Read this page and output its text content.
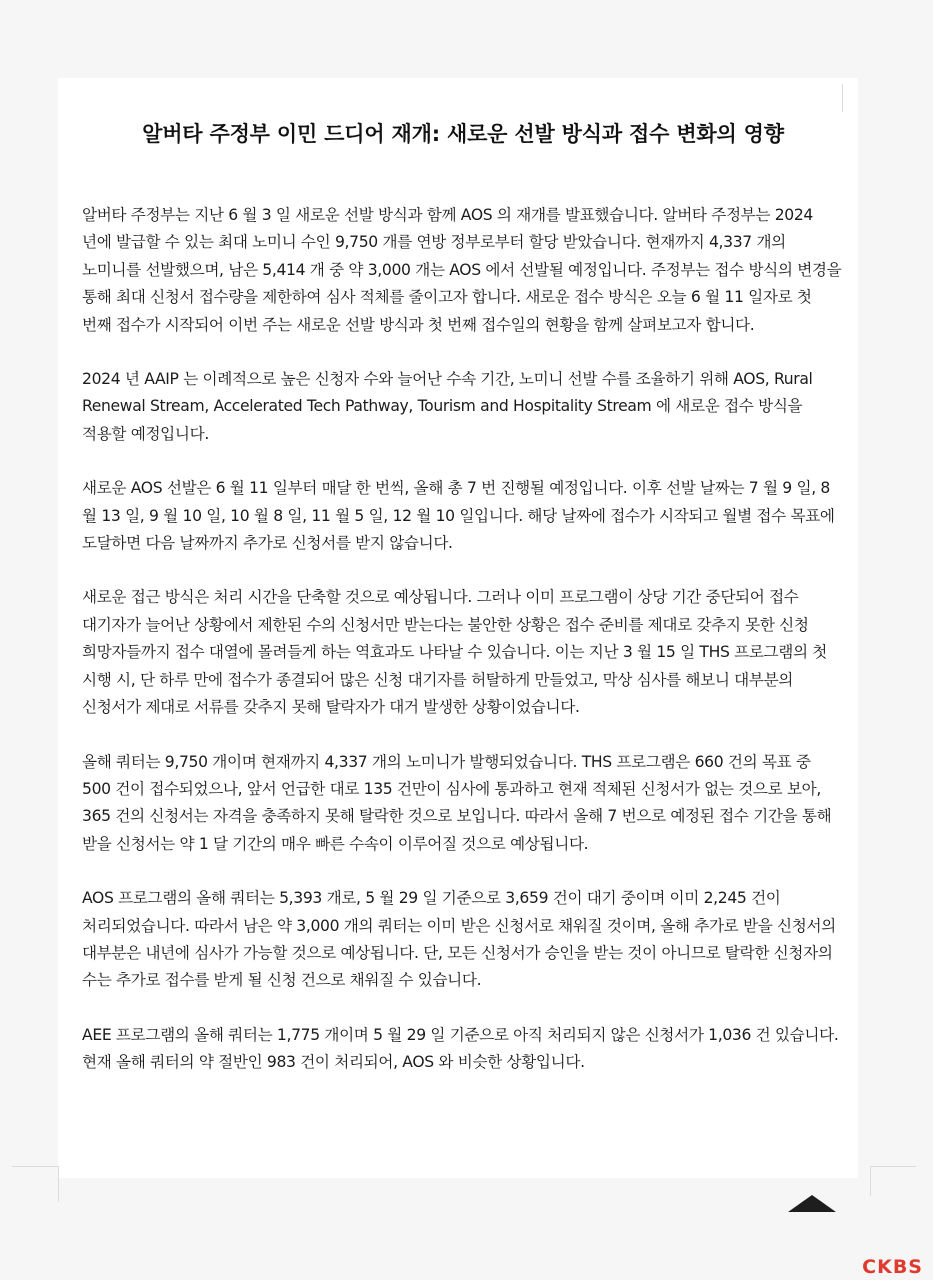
알버타 주정부 이민 드디어 재개: 새로운 선발 방식과 접수 변화의 영향

알버타 주정부는 지난 6 월 3 일 새로운 선발 방식과 함께 AOS 의 재개를 발표했습니다. 알버타 주정부는 2024 년에 발급할 수 있는 최대 노미니 수인 9,750 개를 연방 정부로부터 할당 받았습니다. 현재까지 4,337 개의 노미니를 선발했으며, 남은 5,414 개 중 약 3,000 개는 AOS 에서 선발될 예정입니다. 주정부는 접수 방식의 변경을 통해 최대 신청서 접수량을 제한하여 심사 적체를 줄이고자 합니다. 새로운 접수 방식은 오늘 6 월 11 일자로 첫 번째 접수가 시작되어 이번 주는 새로운 선발 방식과 첫 번째 접수일의 현황을 함께 살펴보고자 합니다.

2024 년 AAIP 는 이례적으로 높은 신청자 수와 늘어난 수속 기간, 노미니 선발 수를 조율하기 위해 AOS, Rural Renewal Stream, Accelerated Tech Pathway, Tourism and Hospitality Stream 에 새로운 접수 방식을 적용할 예정입니다.

새로운 AOS 선발은 6 월 11 일부터 매달 한 번씩, 올해 총 7 번 진행될 예정입니다. 이후 선발 날짜는 7 월 9 일, 8 월 13 일, 9 월 10 일, 10 월 8 일, 11 월 5 일, 12 월 10 일입니다. 해당 날짜에 접수가 시작되고 월별 접수 목표에 도달하면 다음 날짜까지 추가로 신청서를 받지 않습니다.

새로운 접근 방식은 처리 시간을 단축할 것으로 예상됩니다. 그러나 이미 프로그램이 상당 기간 중단되어 접수 대기자가 늘어난 상황에서 제한된 수의 신청서만 받는다는 불안한 상황은 접수 준비를 제대로 갖추지 못한 신청 희망자들까지 접수 대열에 몰려들게 하는 역효과도 나타날 수 있습니다. 이는 지난 3 월 15 일 THS 프로그램의 첫 시행 시, 단 하루 만에 접수가 종결되어 많은 신청 대기자를 허탈하게 만들었고, 막상 심사를 해보니 대부분의 신청서가 제대로 서류를 갖추지 못해 탈락자가 대거 발생한 상황이었습니다.

올해 쿼터는 9,750 개이며 현재까지 4,337 개의 노미니가 발행되었습니다. THS 프로그램은 660 건의 목표 중 500 건이 접수되었으나, 앞서 언급한 대로 135 건만이 심사에 통과하고 현재 적체된 신청서가 없는 것으로 보아, 365 건의 신청서는 자격을 충족하지 못해 탈락한 것으로 보입니다. 따라서 올해 7 번으로 예정된 접수 기간을 통해 받을 신청서는 약 1 달 기간의 매우 빠른 수속이 이루어질 것으로 예상됩니다.

AOS 프로그램의 올해 쿼터는 5,393 개로, 5 월 29 일 기준으로 3,659 건이 대기 중이며 이미 2,245 건이 처리되었습니다. 따라서 남은 약 3,000 개의 쿼터는 이미 받은 신청서로 채워질 것이며, 올해 추가로 받을 신청서의 대부분은 내년에 심사가 가능할 것으로 예상됩니다. 단, 모든 신청서가 승인을 받는 것이 아니므로 탈락한 신청자의 수는 추가로 접수를 받게 될 신청 건으로 채워질 수 있습니다.

AEE 프로그램의 올해 쿼터는 1,775 개이며 5 월 29 일 기준으로 아직 처리되지 않은 신청서가 1,036 건 있습니다. 현재 올해 쿼터의 약 절반인 983 건이 처리되어, AOS 와 비슷한 상황입니다.

CKBS
